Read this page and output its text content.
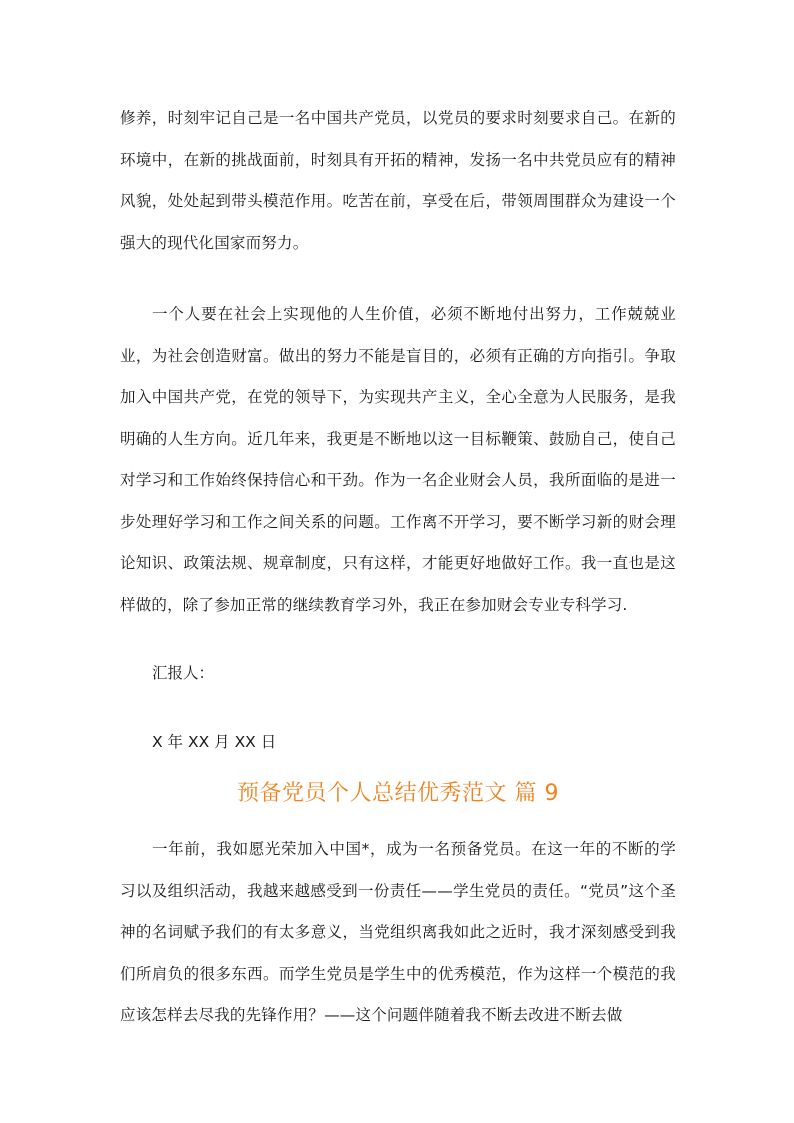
修养，时刻牢记自己是一名中国共产党员，以党员的要求时刻要求自己。在新的环境中，在新的挑战面前，时刻具有开拓的精神，发扬一名中共党员应有的精神风貌，处处起到带头模范作用。吃苦在前，享受在后，带领周围群众为建设一个强大的现代化国家而努力。

一个人要在社会上实现他的人生价值，必须不断地付出努力，工作兢兢业业，为社会创造财富。做出的努力不能是盲目的，必须有正确的方向指引。争取加入中国共产党，在党的领导下，为实现共产主义，全心全意为人民服务，是我明确的人生方向。近几年来，我更是不断地以这一目标鞭策、鼓励自己，使自己对学习和工作始终保持信心和干劲。作为一名企业财会人员，我所面临的是进一步处理好学习和工作之间关系的问题。工作离不开学习，要不断学习新的财会理论知识、政策法规、规章制度，只有这样，才能更好地做好工作。我一直也是这样做的，除了参加正常的继续教育学习外，我正在参加财会专业专科学习.

汇报人：

X 年 XX 月 XX 日

预备党员个人总结优秀范文 篇 9

一年前，我如愿光荣加入中国*，成为一名预备党员。在这一年的不断的学习以及组织活动，我越来越感受到一份责任——学生党员的责任。“党员”这个圣神的名词赋予我们的有太多意义，当党组织离我如此之近时，我才深刻感受到我们所肩负的很多东西。而学生党员是学生中的优秀模范，作为这样一个模范的我应该怎样去尽我的先锋作用？——这个问题伴随着我不断去改进不断去做
